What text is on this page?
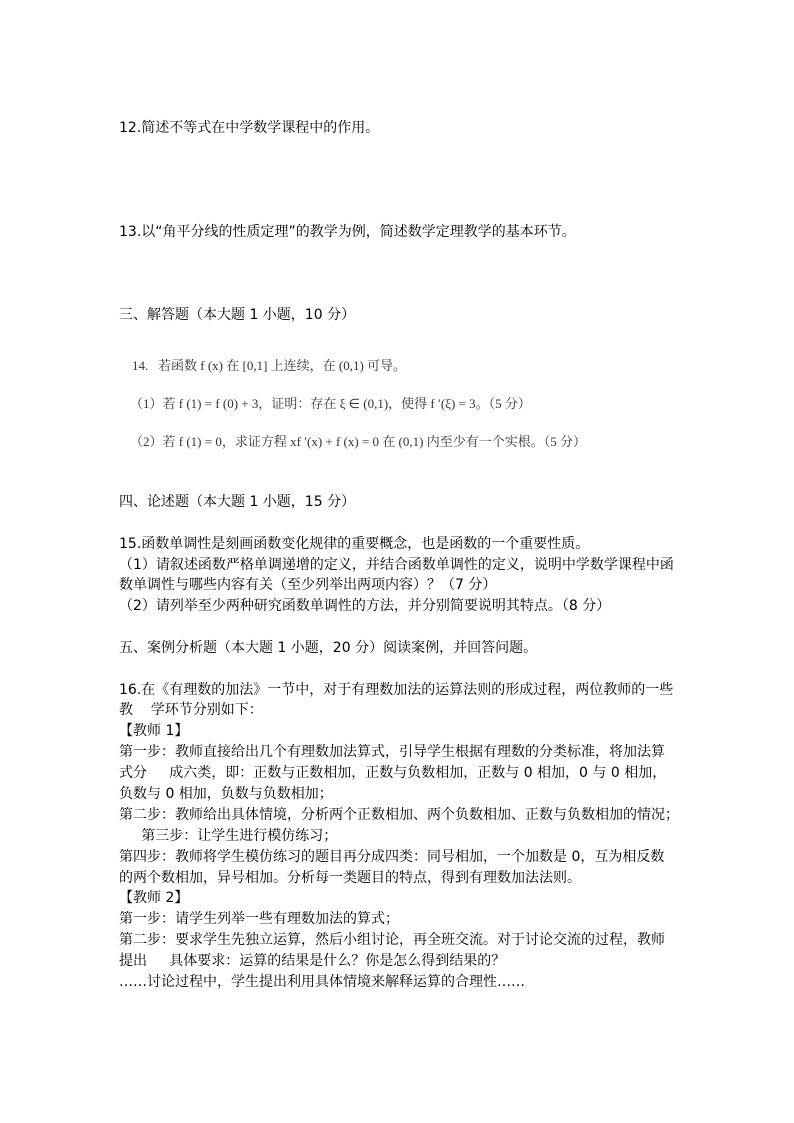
12.简述不等式在中学数学课程中的作用。

13.以“角平分线的性质定理”的教学为例，简述数学定理教学的基本环节。

三、解答题（本大题 1 小题，10 分）

14.   若函数 f (x) 在 [0,1] 上连续，在 (0,1) 可导。

（1）若 f (1) = f (0) + 3，证明：存在 ξ ∈ (0,1)，使得 f ′(ξ) = 3。（5 分）

（2）若 f (1) = 0，求证方程 xf ′(x) + f (x) = 0 在 (0,1) 内至少有一个实根。（5 分）

四、论述题（本大题 1 小题，15 分）

15.函数单调性是刻画函数变化规律的重要概念，也是函数的一个重要性质。

（1）请叙述函数严格单调递增的定义，并结合函数单调性的定义，说明中学数学课程中函

数单调性与哪些内容有关（至少列举出两项内容）？（7 分）

（2）请列举至少两种研究函数单调性的方法，并分别简要说明其特点。（8 分）

五、案例分析题（本大题 1 小题，20 分）阅读案例，并回答问题。

16.在《有理数的加法》一节中，对于有理数加法的运算法则的形成过程，两位教师的一些

教    学环节分别如下：

【教师 1】

第一步：教师直接给出几个有理数加法算式，引导学生根据有理数的分类标准，将加法算

式分     成六类，即：正数与正数相加，正数与负数相加，正数与 0 相加，0 与 0 相加，

负数与 0 相加，负数与负数相加；

第二步：教师给出具体情境，分析两个正数相加、两个负数相加、正数与负数相加的情况；

第三步：让学生进行模仿练习；

第四步：教师将学生模仿练习的题目再分成四类：同号相加，一个加数是 0，互为相反数

的两个数相加，异号相加。分析每一类题目的特点，得到有理数加法法则。

【教师 2】

第一步：请学生列举一些有理数加法的算式；

第二步：要求学生先独立运算，然后小组讨论，再全班交流。对于讨论交流的过程，教师

提出     具体要求：运算的结果是什么？你是怎么得到结果的？

……讨论过程中，学生提出利用具体情境来解释运算的合理性……
